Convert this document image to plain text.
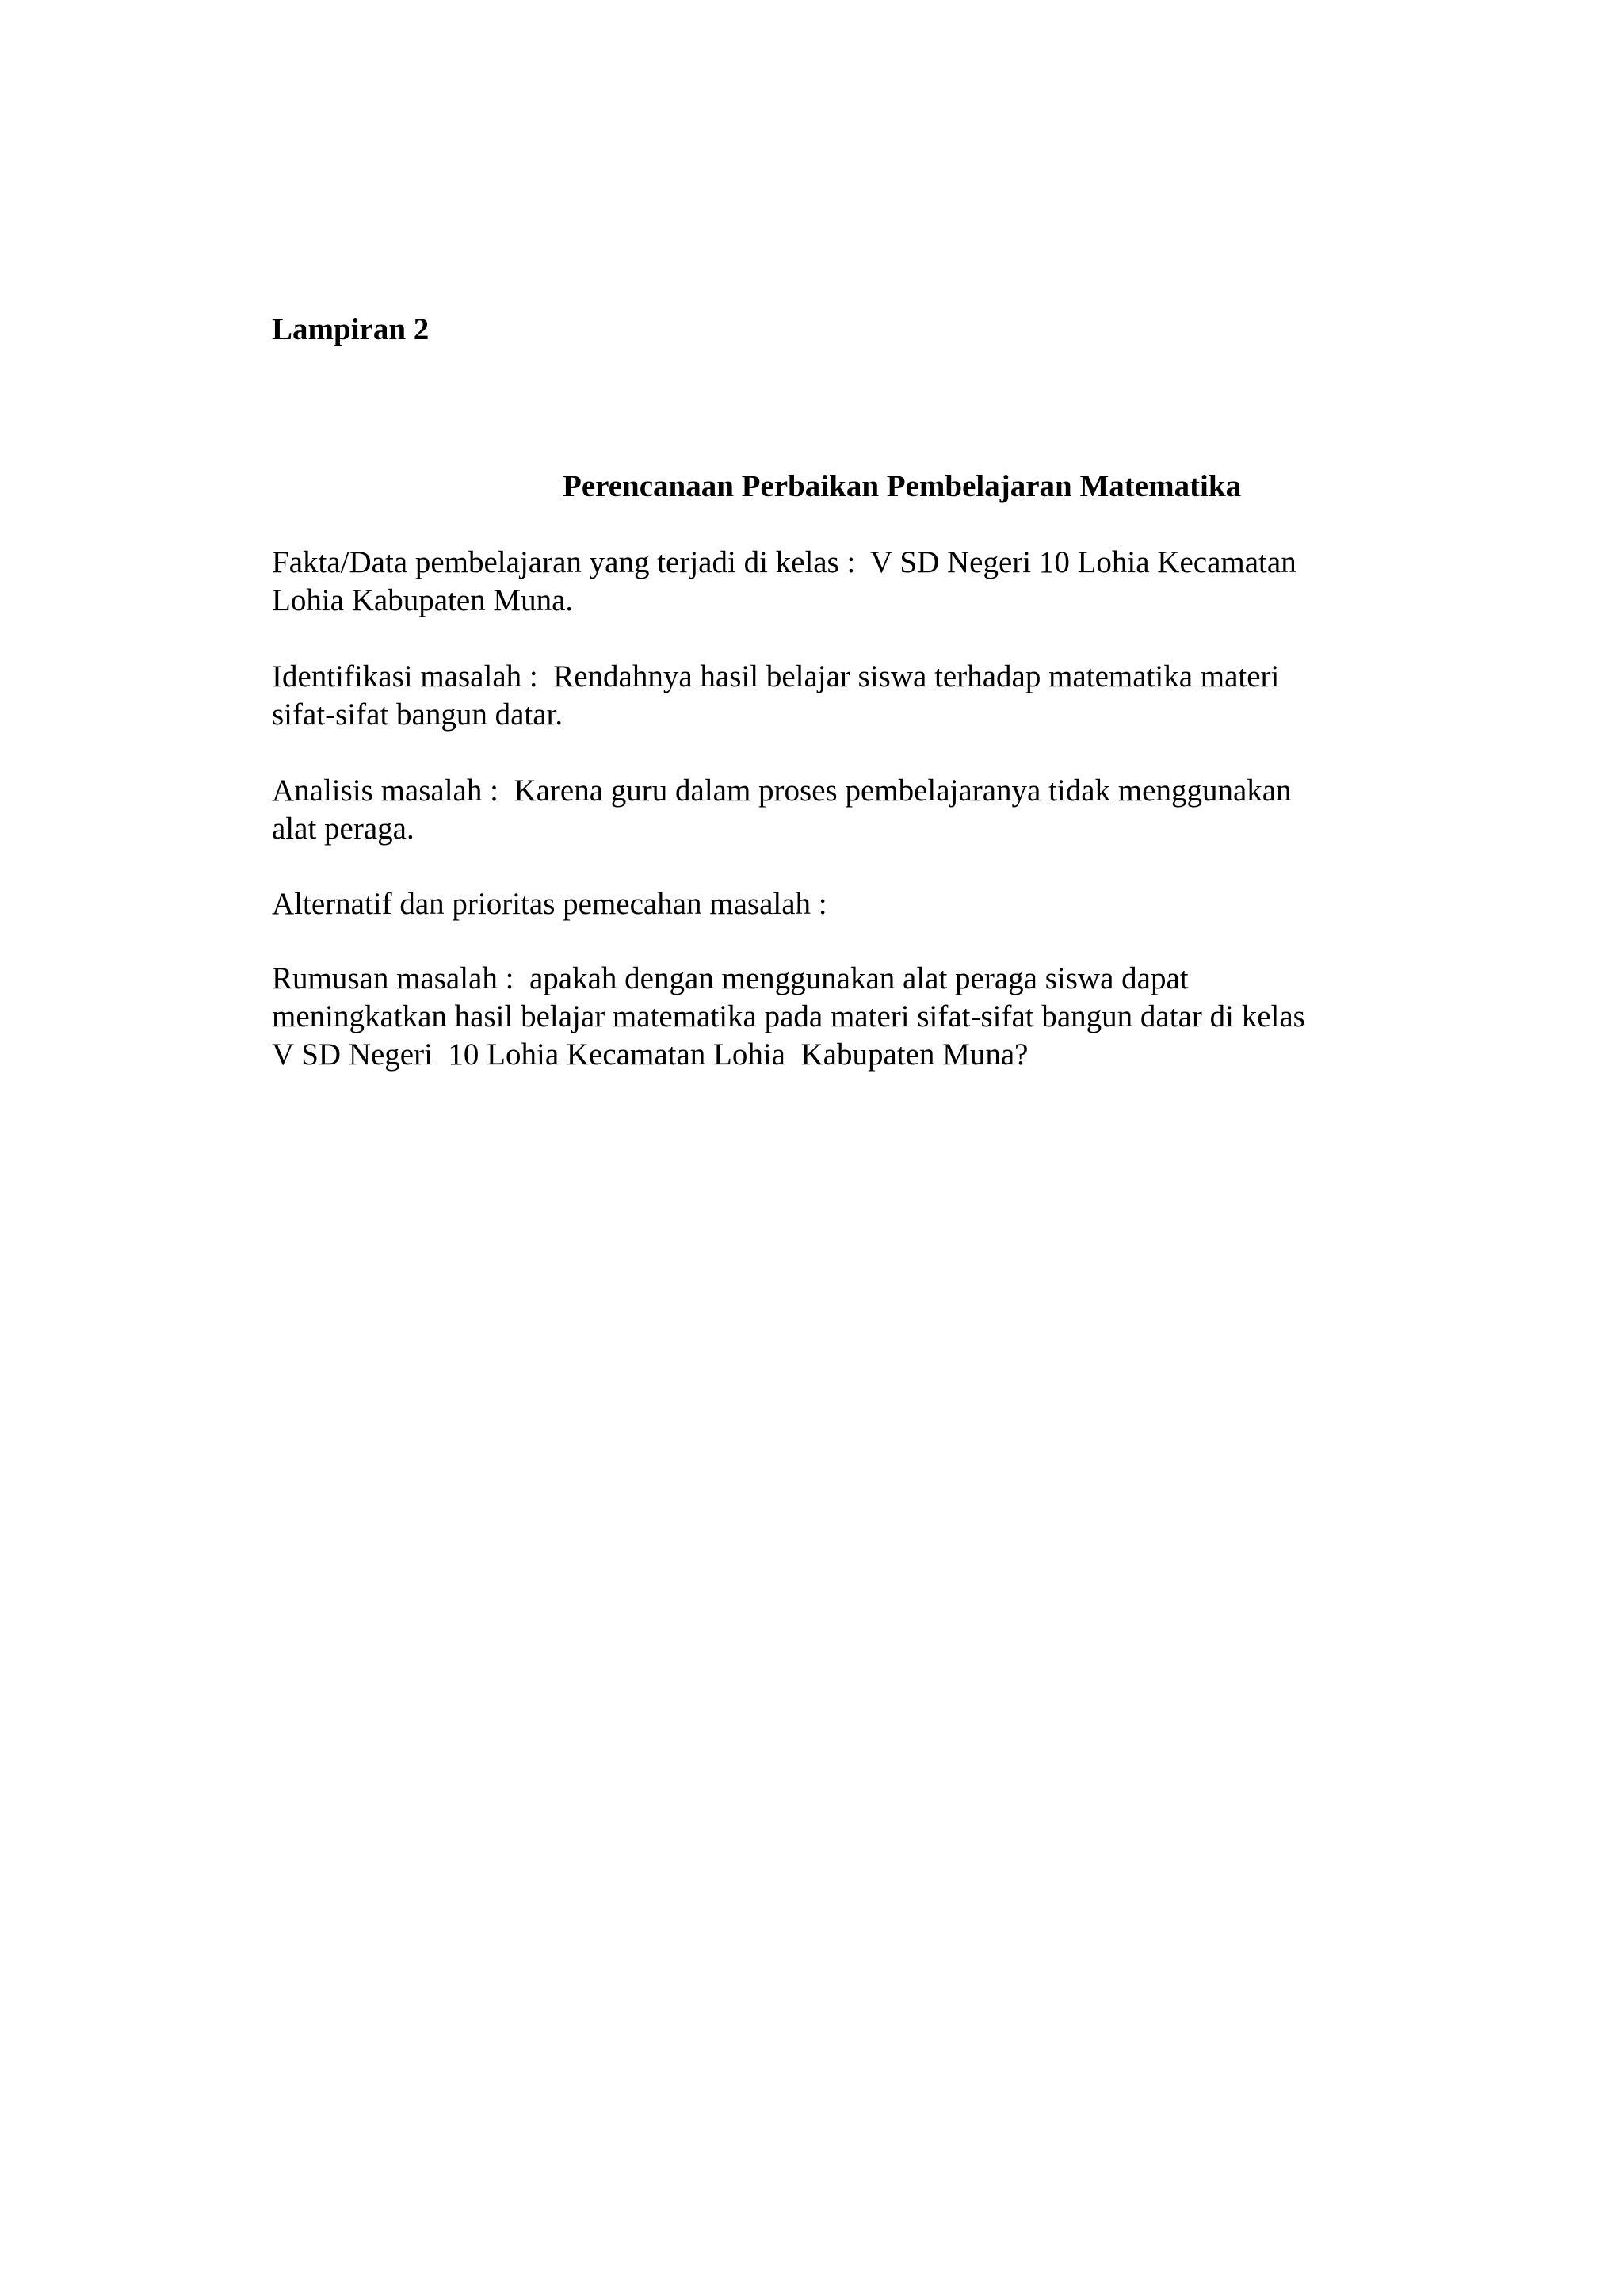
Lampiran 2

Perencanaan Perbaikan Pembelajaran Matematika

Fakta/Data pembelajaran yang terjadi di kelas :  V SD Negeri 10 Lohia Kecamatan
Lohia Kabupaten Muna.

Identifikasi masalah :  Rendahnya hasil belajar siswa terhadap matematika materi
sifat-sifat bangun datar.

Analisis masalah :  Karena guru dalam proses pembelajaranya tidak menggunakan
alat peraga.

Alternatif dan prioritas pemecahan masalah :

Rumusan masalah :  apakah dengan menggunakan alat peraga siswa dapat
meningkatkan hasil belajar matematika pada materi sifat-sifat bangun datar di kelas
V SD Negeri  10 Lohia Kecamatan Lohia  Kabupaten Muna?
